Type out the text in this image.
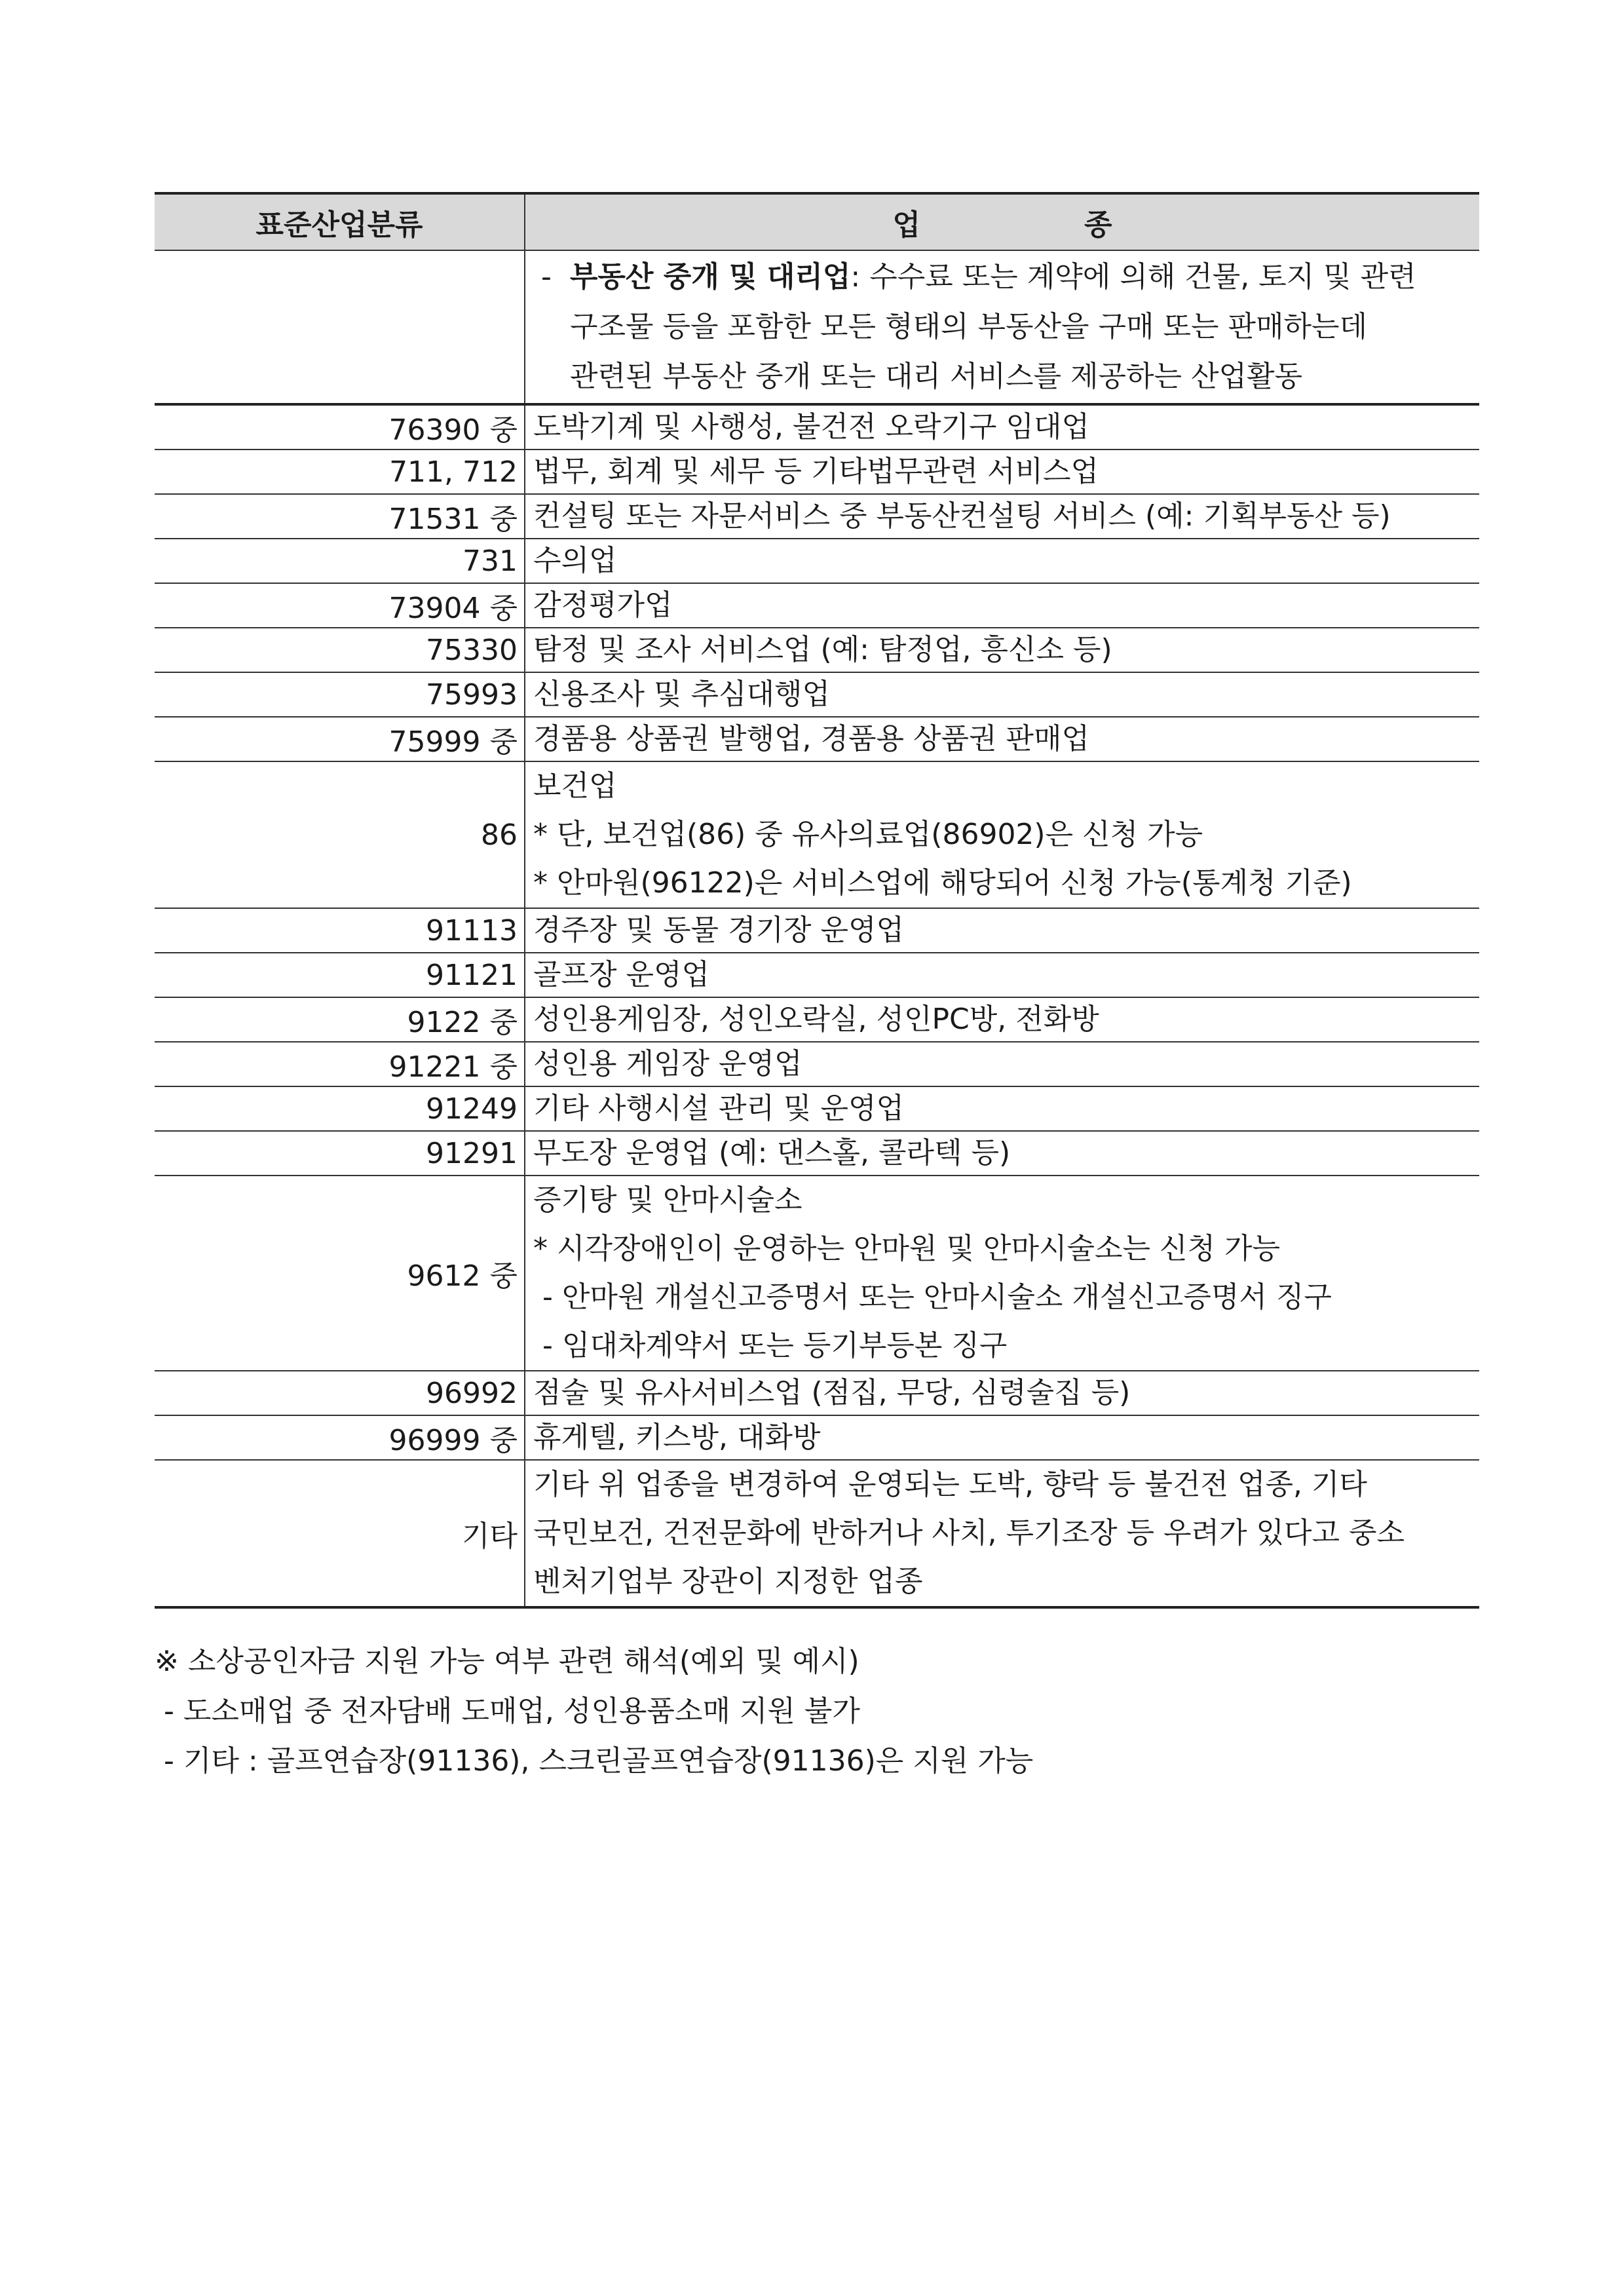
표준산업분류	업 종

	- 부동산 중개 및 대리업: 수수료 또는 계약에 의해 건물, 토지 및 관련
구조물 등을 포함한 모든 형태의 부동산을 구매 또는 판매하는데
관련된 부동산 중개 또는 대리 서비스를 제공하는 산업활동

76390 중	도박기계 및 사행성, 불건전 오락기구 임대업

711, 712	법무, 회계 및 세무 등 기타법무관련 서비스업

71531 중	컨설팅 또는 자문서비스 중 부동산컨설팅 서비스 (예: 기획부동산 등)

731	수의업

73904 중	감정평가업

75330	탐정 및 조사 서비스업 (예: 탐정업, 흥신소 등)

75993	신용조사 및 추심대행업

75999 중	경품용 상품권 발행업, 경품용 상품권 판매업

86	보건업
* 단, 보건업(86) 중 유사의료업(86902)은 신청 가능
* 안마원(96122)은 서비스업에 해당되어 신청 가능(통계청 기준)

91113	경주장 및 동물 경기장 운영업

91121	골프장 운영업

9122 중	성인용게임장, 성인오락실, 성인PC방, 전화방

91221 중	성인용 게임장 운영업

91249	기타 사행시설 관리 및 운영업

91291	무도장 운영업 (예: 댄스홀, 콜라텍 등)

9612 중	증기탕 및 안마시술소
* 시각장애인이 운영하는 안마원 및 안마시술소는 신청 가능
- 안마원 개설신고증명서 또는 안마시술소 개설신고증명서 징구
- 임대차계약서 또는 등기부등본 징구

96992	점술 및 유사서비스업 (점집, 무당, 심령술집 등)

96999 중	휴게텔, 키스방, 대화방

기타	기타 위 업종을 변경하여 운영되는 도박, 향락 등 불건전 업종, 기타
국민보건, 건전문화에 반하거나 사치, 투기조장 등 우려가 있다고 중소
벤처기업부 장관이 지정한 업종
※ 소상공인자금 지원 가능 여부 관련 해석(예외 및 예시)
- 도소매업 중 전자담배 도매업, 성인용품소매 지원 불가
- 기타 : 골프연습장(91136), 스크린골프연습장(91136)은 지원 가능
